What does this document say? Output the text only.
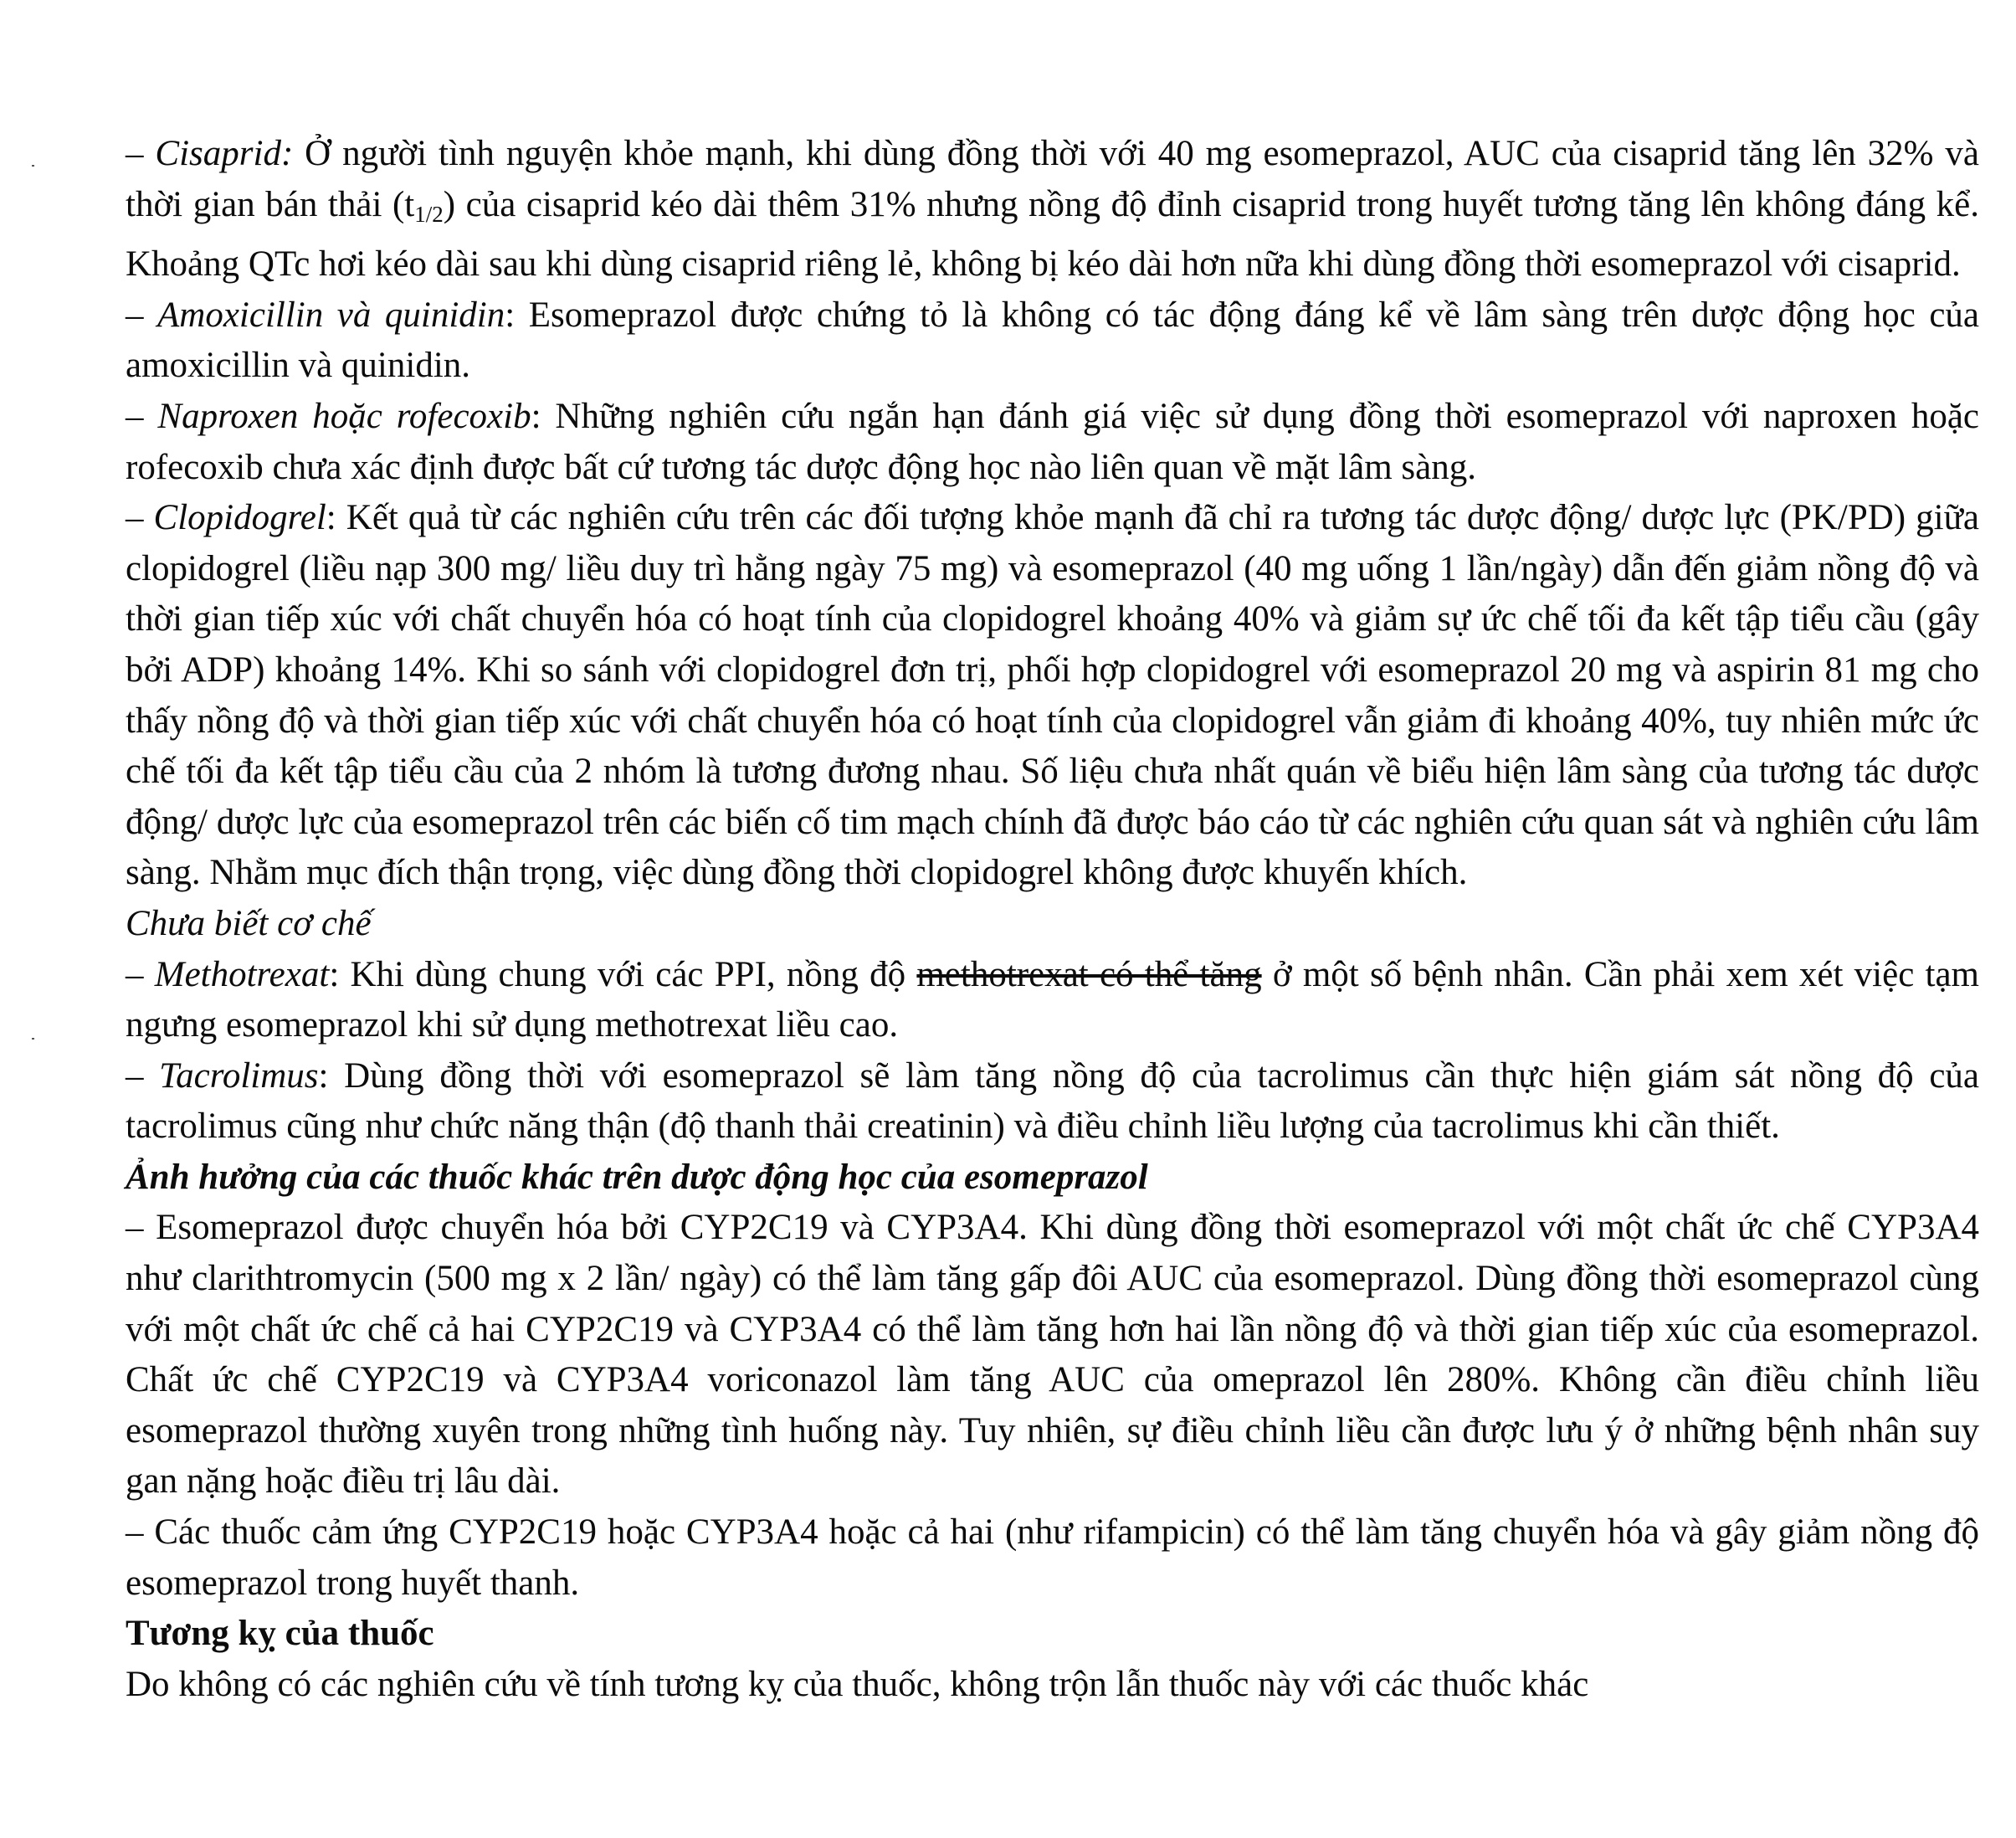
– Cisaprid: Ở người tình nguyện khỏe mạnh, khi dùng đồng thời với 40 mg esomeprazol, AUC của cisaprid tăng lên 32% và thời gian bán thải $(t_{1/2})$ của cisaprid kéo dài thêm 31% nhưng nồng độ đỉnh cisaprid trong huyết tương tăng lên không đáng kể. Khoảng QTc hơi kéo dài sau khi dùng cisaprid riêng lẻ, không bị kéo dài hơn nữa khi dùng đồng thời esomeprazol với cisaprid.

– Amoxicillin và quinidin: Esomeprazol được chứng tỏ là không có tác động đáng kể về lâm sàng trên dược động học của amoxicillin và quinidin.

– Naproxen hoặc rofecoxib: Những nghiên cứu ngắn hạn đánh giá việc sử dụng đồng thời esomeprazol với naproxen hoặc rofecoxib chưa xác định được bất cứ tương tác dược động học nào liên quan về mặt lâm sàng.

– Clopidogrel: Kết quả từ các nghiên cứu trên các đối tượng khỏe mạnh đã chỉ ra tương tác dược động/ dược lực (PK/PD) giữa clopidogrel (liều nạp 300 mg/ liều duy trì hằng ngày 75 mg) và esomeprazol (40 mg uống 1 lần/ngày) dẫn đến giảm nồng độ và thời gian tiếp xúc với chất chuyển hóa có hoạt tính của clopidogrel khoảng 40% và giảm sự ức chế tối đa kết tập tiểu cầu (gây bởi ADP) khoảng 14%. Khi so sánh với clopidogrel đơn trị, phối hợp clopidogrel với esomeprazol 20 mg và aspirin 81 mg cho thấy nồng độ và thời gian tiếp xúc với chất chuyển hóa có hoạt tính của clopidogrel vẫn giảm đi khoảng 40%, tuy nhiên mức ức chế tối đa kết tập tiểu cầu của 2 nhóm là tương đương nhau. Số liệu chưa nhất quán về biểu hiện lâm sàng của tương tác dược động/ dược lực của esomeprazol trên các biến cố tim mạch chính đã được báo cáo từ các nghiên cứu quan sát và nghiên cứu lâm sàng. Nhằm mục đích thận trọng, việc dùng đồng thời clopidogrel không được khuyến khích.

Chưa biết cơ chế

– Methotrexat: Khi dùng chung với các PPI, nồng độ methotrexat có thể tăng ở một số bệnh nhân. Cần phải xem xét việc tạm ngưng esomeprazol khi sử dụng methotrexat liều cao.

– Tacrolimus: Dùng đồng thời với esomeprazol sẽ làm tăng nồng độ của tacrolimus cần thực hiện giám sát nồng độ của tacrolimus cũng như chức năng thận (độ thanh thải creatinin) và điều chỉnh liều lượng của tacrolimus khi cần thiết.

Ảnh hưởng của các thuốc khác trên dược động học của esomeprazol

– Esomeprazol được chuyển hóa bởi CYP2C19 và CYP3A4. Khi dùng đồng thời esomeprazol với một chất ức chế CYP3A4 như clarithtromycin (500 mg x 2 lần/ ngày) có thể làm tăng gấp đôi AUC của esomeprazol. Dùng đồng thời esomeprazol cùng với một chất ức chế cả hai CYP2C19 và CYP3A4 có thể làm tăng hơn hai lần nồng độ và thời gian tiếp xúc của esomeprazol. Chất ức chế CYP2C19 và CYP3A4 voriconazol làm tăng AUC của omeprazol lên 280%. Không cần điều chỉnh liều esomeprazol thường xuyên trong những tình huống này. Tuy nhiên, sự điều chỉnh liều cần được lưu ý ở những bệnh nhân suy gan nặng hoặc điều trị lâu dài.

– Các thuốc cảm ứng CYP2C19 hoặc CYP3A4 hoặc cả hai (như rifampicin) có thể làm tăng chuyển hóa và gây giảm nồng độ esomeprazol trong huyết thanh.

Tương kỵ của thuốc

Do không có các nghiên cứu về tính tương kỵ của thuốc, không trộn lẫn thuốc này với các thuốc khác
